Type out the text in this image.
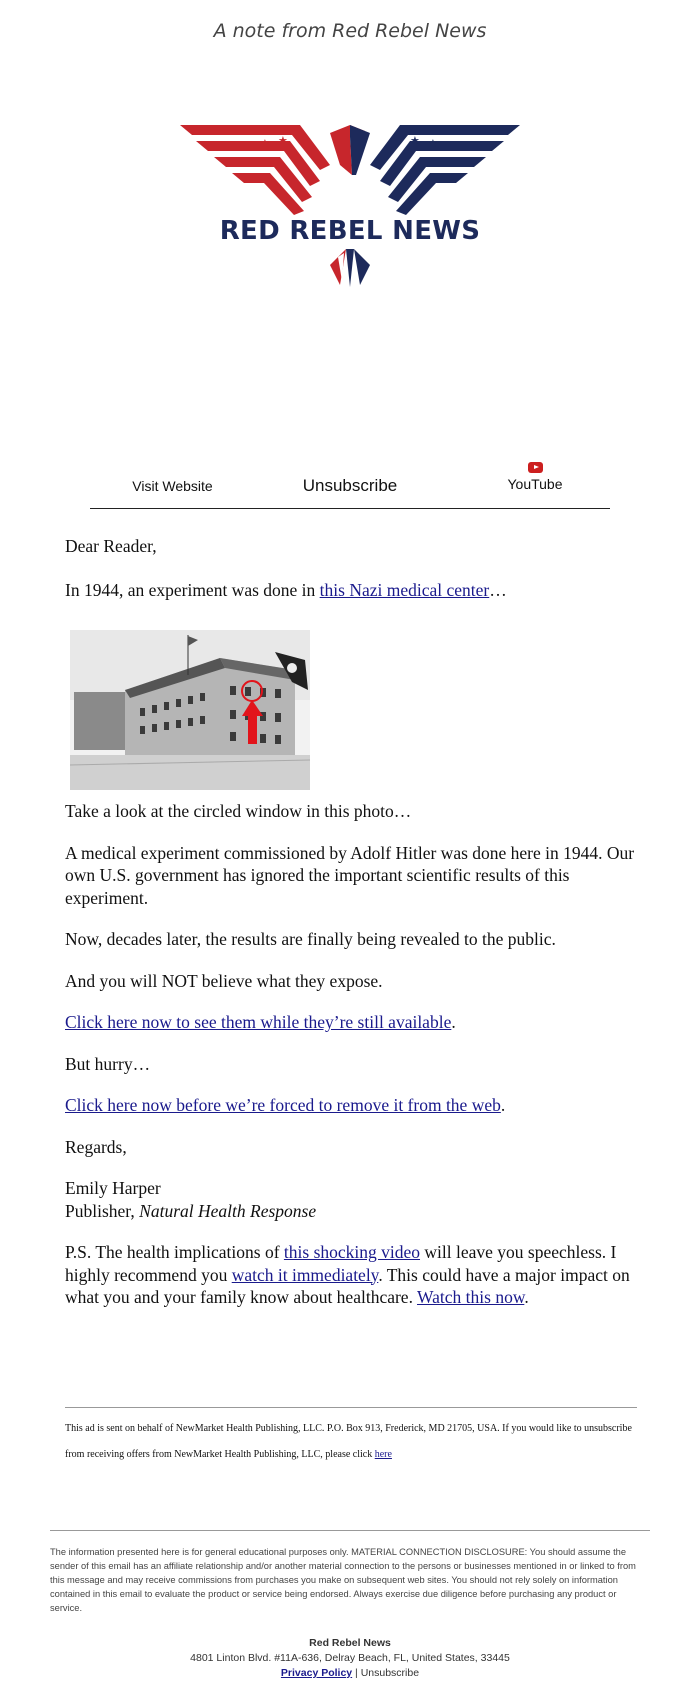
A note from Red Rebel News
★ ★	★ ★
RED REBEL NEWS
Visit Website	Unsubscribe	YouTube

Dear Reader,

In 1944, an experiment was done in this Nazi medical center…

Take a look at the circled window in this photo…

A medical experiment commissioned by Adolf Hitler was done here in 1944. Our own U.S. government has ignored the important scientific results of this experiment.

Now, decades later, the results are finally being revealed to the public.

And you will NOT believe what they expose.

Click here now to see them while they’re still available.

But hurry…

Click here now before we’re forced to remove it from the web.

Regards,

Emily Harper

Publisher, Natural Health Response

P.S. The health implications of this shocking video will leave you speechless. I highly recommend you watch it immediately. This could have a major impact on what you and your family know about healthcare. Watch this now.

This ad is sent on behalf of NewMarket Health Publishing, LLC. P.O. Box 913, Frederick, MD 21705, USA. If you would like to unsubscribe from receiving offers from NewMarket Health Publishing, LLC, please click here

The information presented here is for general educational purposes only. MATERIAL CONNECTION DISCLOSURE: You should assume the sender of this email has an affiliate relationship and/or another material connection to the persons or businesses mentioned in or linked to from this message and may receive commissions from purchases you make on subsequent web sites. You should not rely solely on information contained in this email to evaluate the product or service being endorsed. Always exercise due diligence before purchasing any product or service.

Red Rebel News
4801 Linton Blvd. #11A-636, Delray Beach, FL, United States, 33445
Privacy Policy | Unsubscribe
